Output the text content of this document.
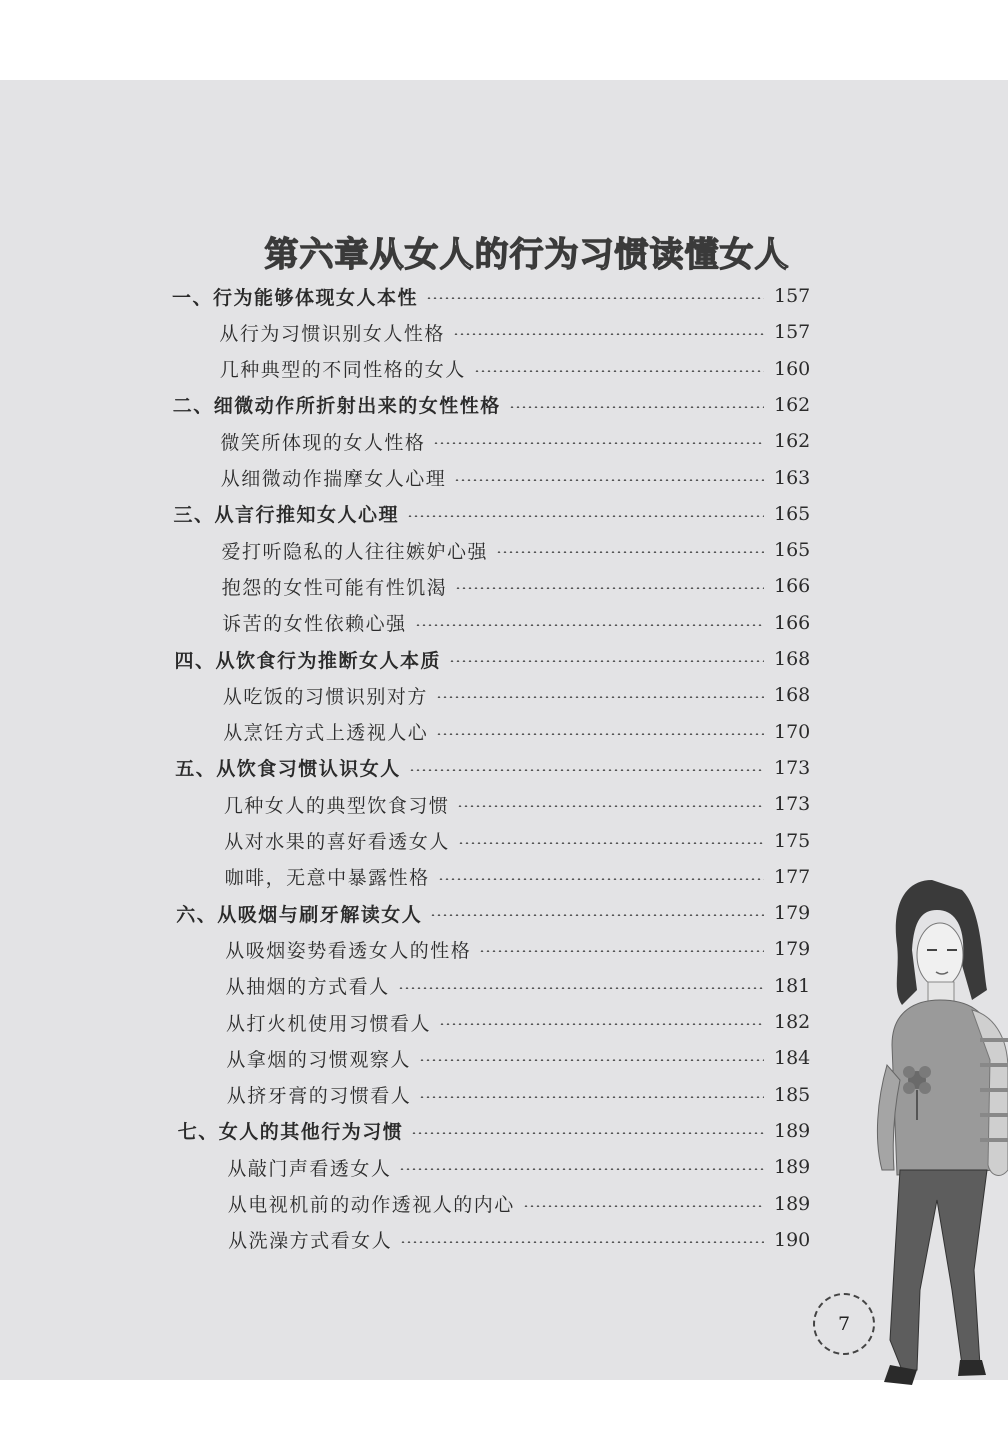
第六章 从女人的行为习惯读懂女人
一、行为能够体现女人本性	157
从行为习惯识别女人性格	157
几种典型的不同性格的女人	160
二、细微动作所折射出来的女性性格	162
微笑所体现的女人性格	162
从细微动作揣摩女人心理	163
三、从言行推知女人心理	165
爱打听隐私的人往往嫉妒心强	165
抱怨的女性可能有性饥渴	166
诉苦的女性依赖心强	166
四、从饮食行为推断女人本质	168
从吃饭的习惯识别对方	168
从烹饪方式上透视人心	170
五、从饮食习惯认识女人	173
几种女人的典型饮食习惯	173
从对水果的喜好看透女人	175
咖啡，无意中暴露性格	177
六、从吸烟与刷牙解读女人	179
从吸烟姿势看透女人的性格	179
从抽烟的方式看人	181
从打火机使用习惯看人	182
从拿烟的习惯观察人	184
从挤牙膏的习惯看人	185
七、女人的其他行为习惯	189
从敲门声看透女人	189
从电视机前的动作透视人的内心	189
从洗澡方式看女人	190
7
